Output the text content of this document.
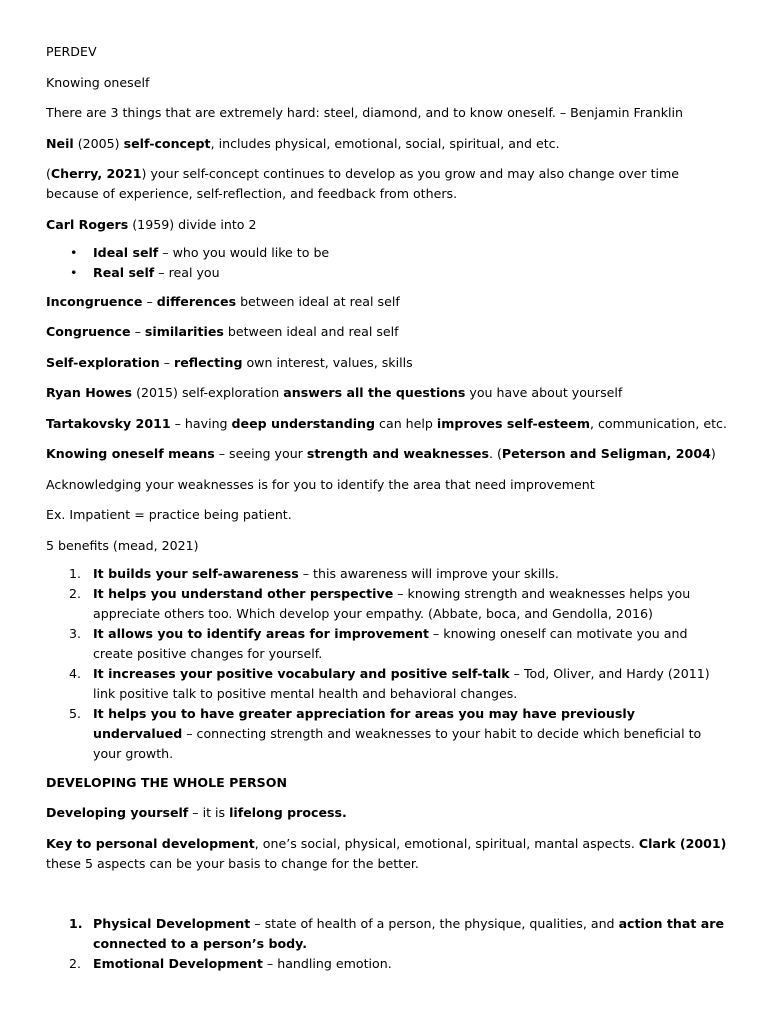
PERDEV

Knowing oneself

There are 3 things that are extremely hard: steel, diamond, and to know oneself. – Benjamin Franklin

Neil (2005) self-concept, includes physical, emotional, social, spiritual, and etc.

(Cherry, 2021) your self-concept continues to develop as you grow and may also change over time because of experience, self-reflection, and feedback from others.

Carl Rogers (1959) divide into 2

• Ideal self – who you would like to be
• Real self – real you

Incongruence – differences between ideal at real self

Congruence – similarities between ideal and real self

Self-exploration – reflecting own interest, values, skills

Ryan Howes (2015) self-exploration answers all the questions you have about yourself

Tartakovsky 2011 – having deep understanding can help improves self-esteem, communication, etc.

Knowing oneself means – seeing your strength and weaknesses. (Peterson and Seligman, 2004)

Acknowledging your weaknesses is for you to identify the area that need improvement

Ex. Impatient = practice being patient.

5 benefits (mead, 2021)

1. It builds your self-awareness – this awareness will improve your skills.
2. It helps you understand other perspective – knowing strength and weaknesses helps you appreciate others too. Which develop your empathy. (Abbate, boca, and Gendolla, 2016)
3. It allows you to identify areas for improvement – knowing oneself can motivate you and create positive changes for yourself.
4. It increases your positive vocabulary and positive self-talk – Tod, Oliver, and Hardy (2011) link positive talk to positive mental health and behavioral changes.
5. It helps you to have greater appreciation for areas you may have previously undervalued – connecting strength and weaknesses to your habit to decide which beneficial to your growth.

DEVELOPING THE WHOLE PERSON

Developing yourself – it is lifelong process.

Key to personal development, one’s social, physical, emotional, spiritual, mantal aspects. Clark (2001) these 5 aspects can be your basis to change for the better.

1. Physical Development – state of health of a person, the physique, qualities, and action that are connected to a person’s body.
2. Emotional Development – handling emotion.
